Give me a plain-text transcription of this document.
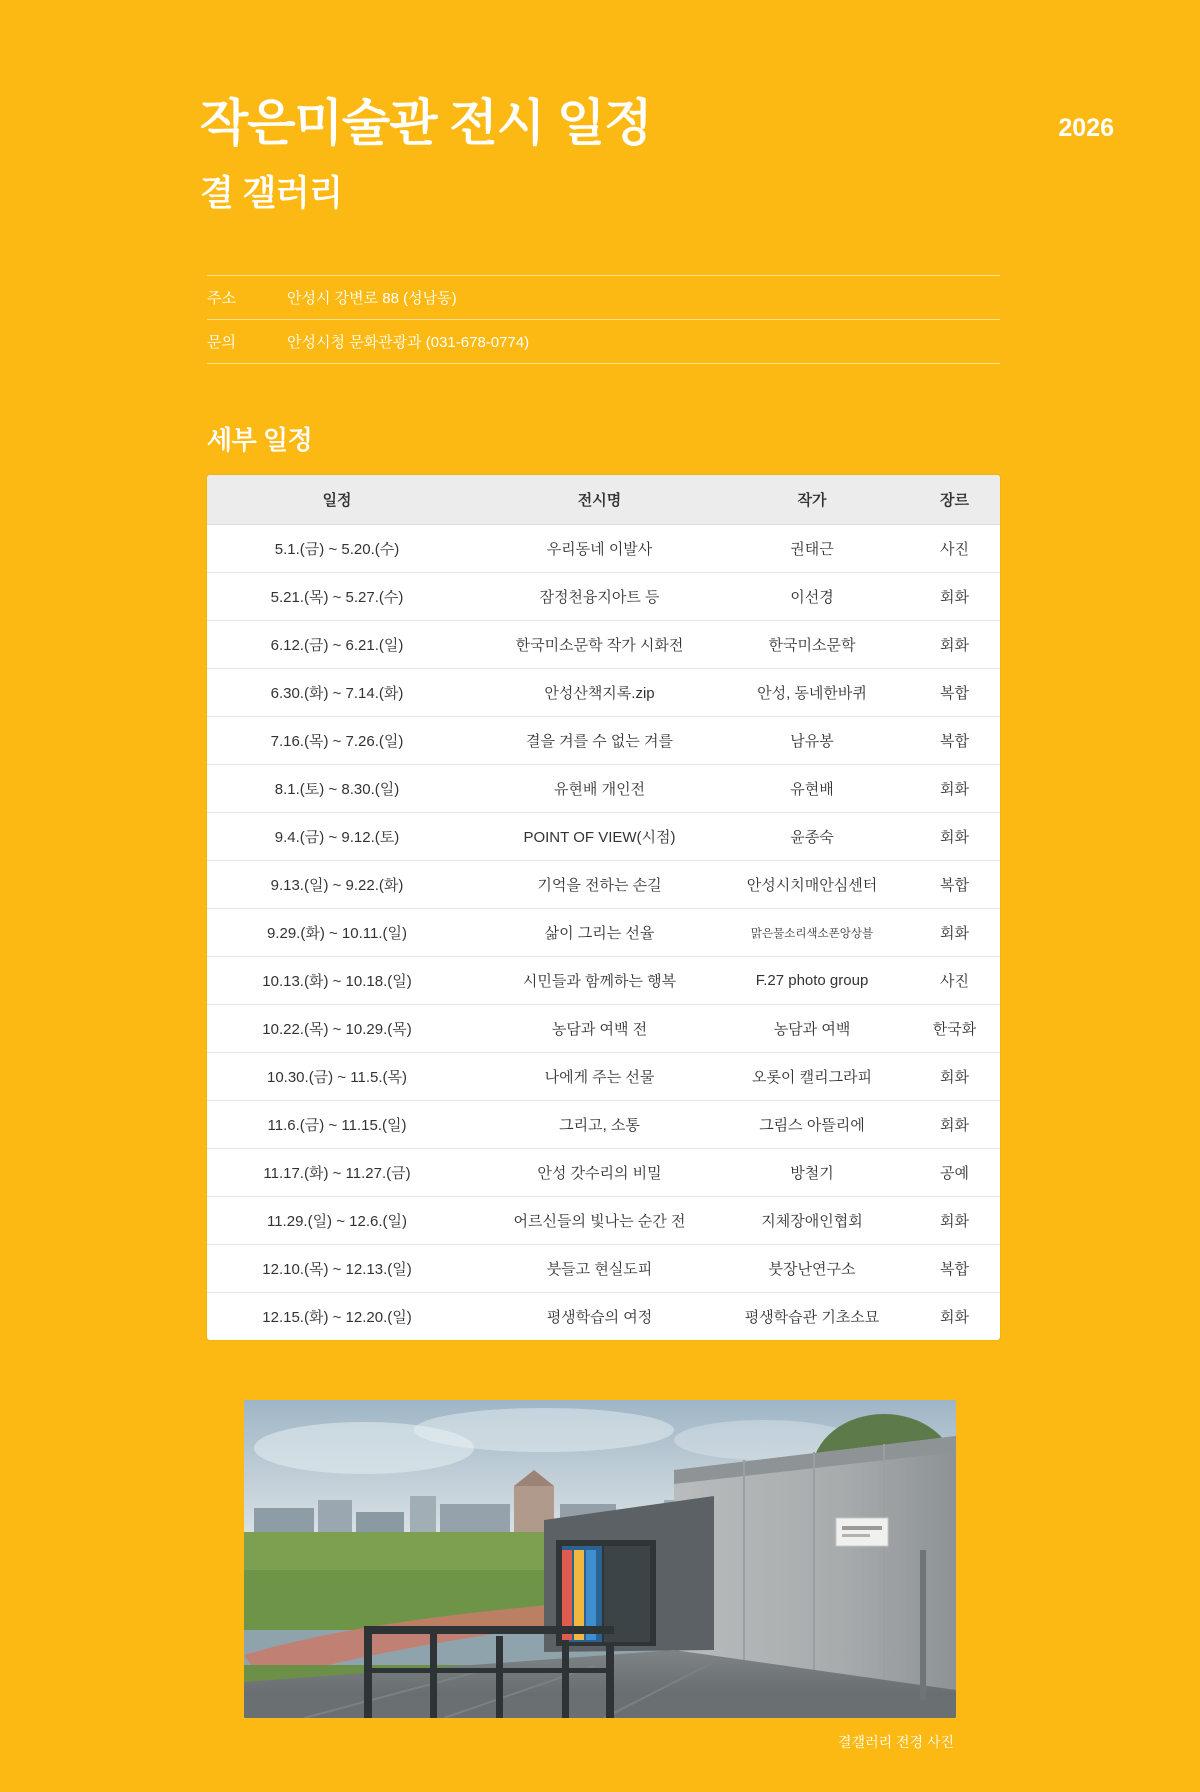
작은미술관 전시 일정
결 갤러리
2026
주소	안성시 강변로 88 (성남동)
문의	안성시청 문화관광과 (031-678-0774)
세부 일정
일정	전시명	작가	장르
5.1.(금) ~ 5.20.(수)	우리동네 이발사	권태근	사진
5.21.(목) ~ 5.27.(수)	잠정천융지아트 등	이선경	회화
6.12.(금) ~ 6.21.(일)	한국미소문학 작가 시화전	한국미소문학	회화
6.30.(화) ~ 7.14.(화)	안성산책지록.zip	안성, 동네한바퀴	복합
7.16.(목) ~ 7.26.(일)	결을 겨를 수 없는 겨를	남유봉	복합
8.1.(토) ~ 8.30.(일)	유현배 개인전	유현배	회화
9.4.(금) ~ 9.12.(토)	POINT OF VIEW(시점)	윤종숙	회화
9.13.(일) ~ 9.22.(화)	기억을 전하는 손길	안성시치매안심센터	복합
9.29.(화) ~ 10.11.(일)	삶이 그리는 선율	맑은물소리색소폰앙상블	회화
10.13.(화) ~ 10.18.(일)	시민들과 함께하는 행복	F.27 photo group	사진
10.22.(목) ~ 10.29.(목)	농담과 여백 전	농담과 여백	한국화
10.30.(금) ~ 11.5.(목)	나에게 주는 선물	오롯이 캘리그라피	회화
11.6.(금) ~ 11.15.(일)	그리고, 소통	그림스 아뜰리에	회화
11.17.(화) ~ 11.27.(금)	안성 갓수리의 비밀	방철기	공예
11.29.(일) ~ 12.6.(일)	어르신들의 빛나는 순간 전	지체장애인협회	회화
12.10.(목) ~ 12.13.(일)	붓들고 현실도피	붓장난연구소	복합
12.15.(화) ~ 12.20.(일)	평생학습의 여정	평생학습관 기초소묘	회화
결갤러리 전경 사진
